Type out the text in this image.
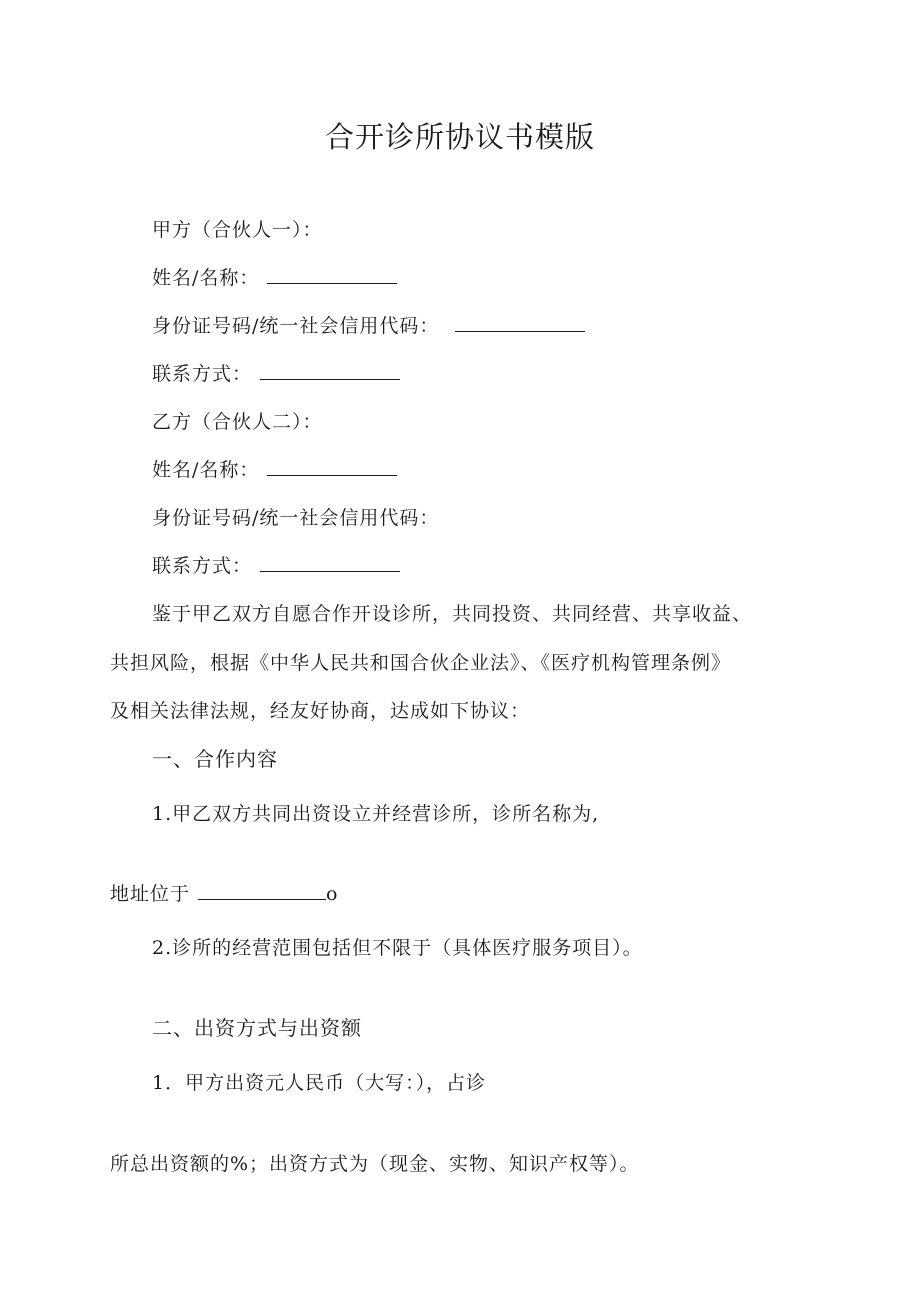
合开诊所协议书模版
甲方（合伙人一）：
姓名/名称：
身份证号码/统一社会信用代码：
联系方式：
乙方（合伙人二）：
姓名/名称：
身份证号码/统一社会信用代码：
联系方式：
鉴于甲乙双方自愿合作开设诊所，共同投资、共同经营、共享收益、
共担风险，根据《中华人民共和国合伙企业法》、《医疗机构管理条例》
及相关法律法规，经友好协商，达成如下协议：
一、合作内容
1.甲乙双方共同出资设立并经营诊所，诊所名称为,
地址位于	o
2.诊所的经营范围包括但不限于（具体医疗服务项目）。
二、出资方式与出资额
1．甲方出资元人民币（大写：），占诊
所总出资额的%；出资方式为（现金、实物、知识产权等）。
